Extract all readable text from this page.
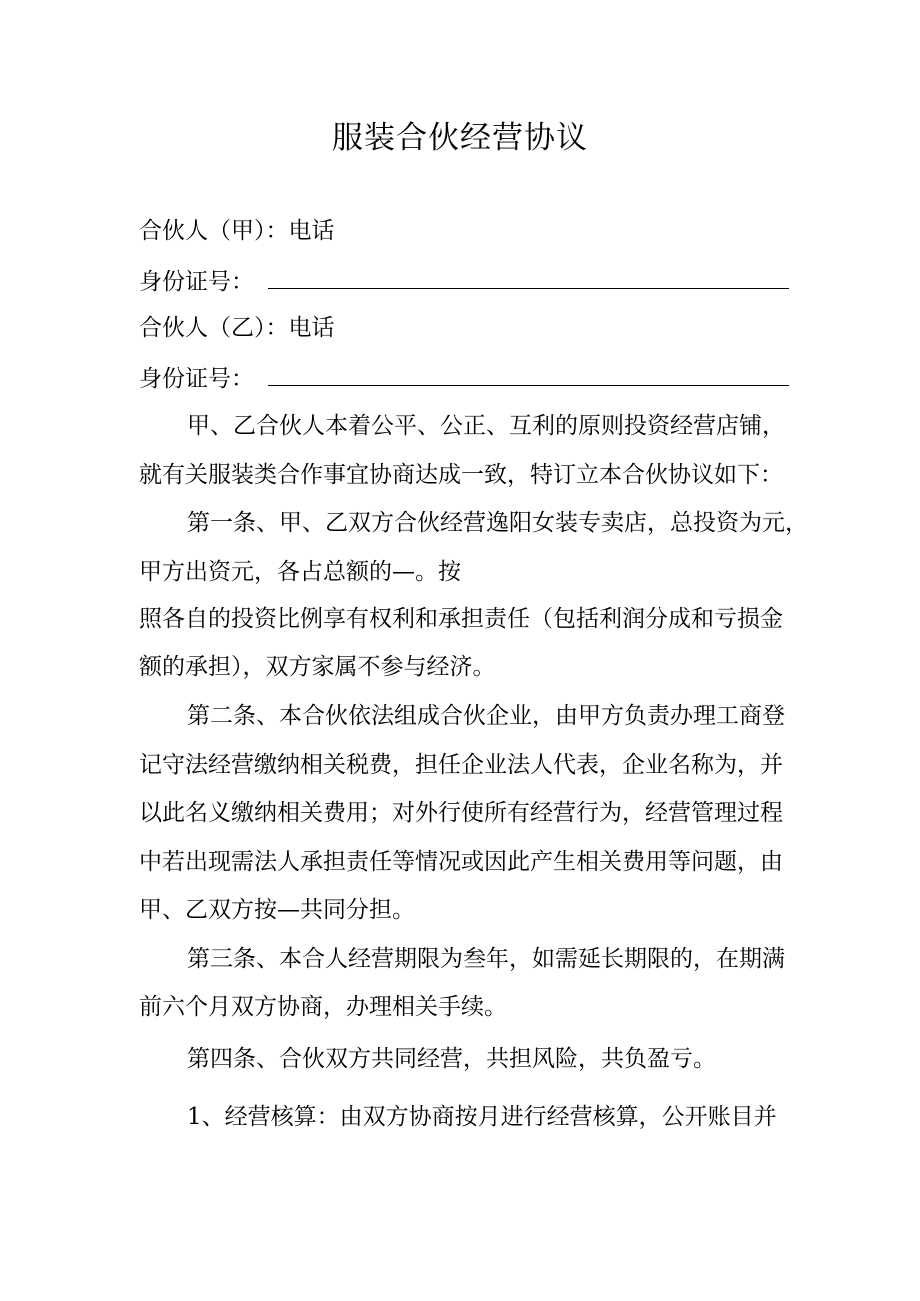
服装合伙经营协议
合伙人（甲）：电话
身份证号：
合伙人（乙）：电话
身份证号：
甲、乙合伙人本着公平、公正、互利的原则投资经营店铺，
就有关服装类合作事宜协商达成一致，特订立本合伙协议如下：
第一条、甲、乙双方合伙经营逸阳女装专卖店，总投资为元，
甲方出资元，各占总额的—。按
照各自的投资比例享有权利和承担责任（包括利润分成和亏损金
额的承担），双方家属不参与经济。
第二条、本合伙依法组成合伙企业，由甲方负责办理工商登
记守法经营缴纳相关税费，担任企业法人代表，企业名称为，并
以此名义缴纳相关费用；对外行使所有经营行为，经营管理过程
中若出现需法人承担责任等情况或因此产生相关费用等问题，由
甲、乙双方按—共同分担。
第三条、本合人经营期限为叁年，如需延长期限的，在期满
前六个月双方协商，办理相关手续。
第四条、合伙双方共同经营，共担风险，共负盈亏。
1、经营核算：由双方协商按月进行经营核算，公开账目并
